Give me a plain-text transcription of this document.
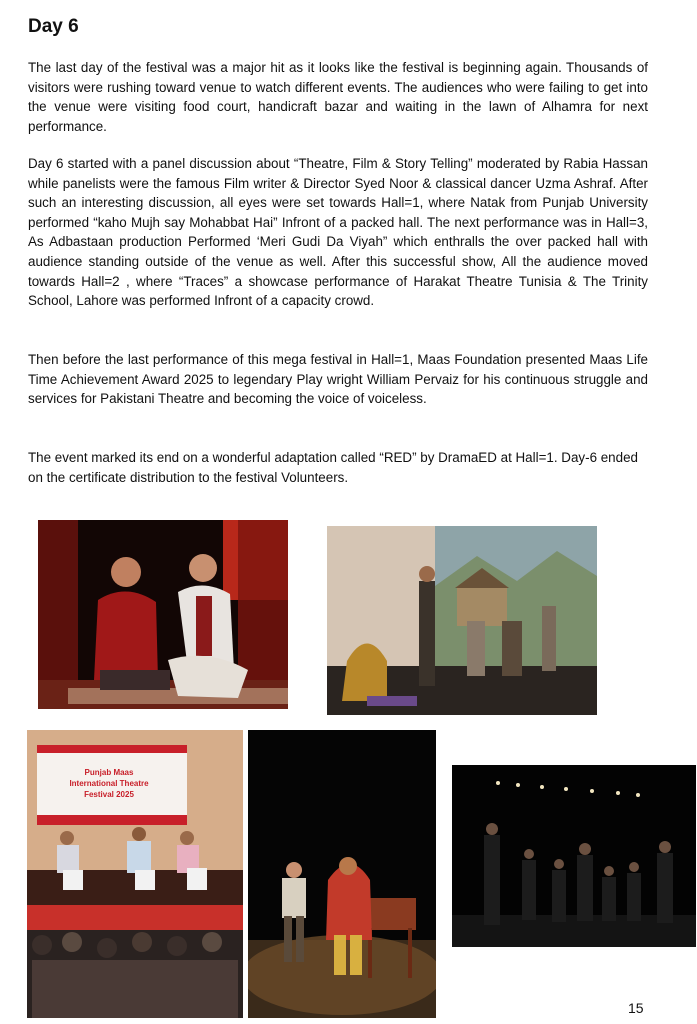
Day 6

The last day of the festival was a major hit as it looks like the festival is beginning again. Thousands of visitors were rushing toward venue to watch different events. The audiences who were failing to get into the venue were visiting food court, handicraft bazar and waiting in the lawn of Alhamra for next performance.

Day 6 started with a panel discussion about “Theatre, Film & Story Telling” moderated by Rabia Hassan while panelists were the famous Film writer & Director Syed Noor & classical dancer Uzma Ashraf. After such an interesting discussion, all eyes were set towards Hall=1, where Natak from Punjab University performed “kaho Mujh say Mohabbat Hai” Infront of a packed hall. The next performance was in Hall=3, As Adbastaan production Performed ‘Meri Gudi Da Viyah” which enthralls the over packed hall with audience standing outside of the venue as well. After this successful show, All the audience moved towards Hall=2 , where “Traces” a showcase performance of Harakat Theatre Tunisia & The Trinity School, Lahore was performed Infront of a capacity crowd.

Then before the last performance of this mega festival in Hall=1, Maas Foundation presented Maas Life Time Achievement Award 2025 to legendary Play wright William Pervaiz for his continuous struggle and services for Pakistani Theatre and becoming the voice of voiceless.

The event marked its end on a wonderful adaptation called “RED” by DramaED at Hall=1. Day-6 ended on the certificate distribution to the festival Volunteers.

Punjab Maas
International Theatre
Festival 2025
15
